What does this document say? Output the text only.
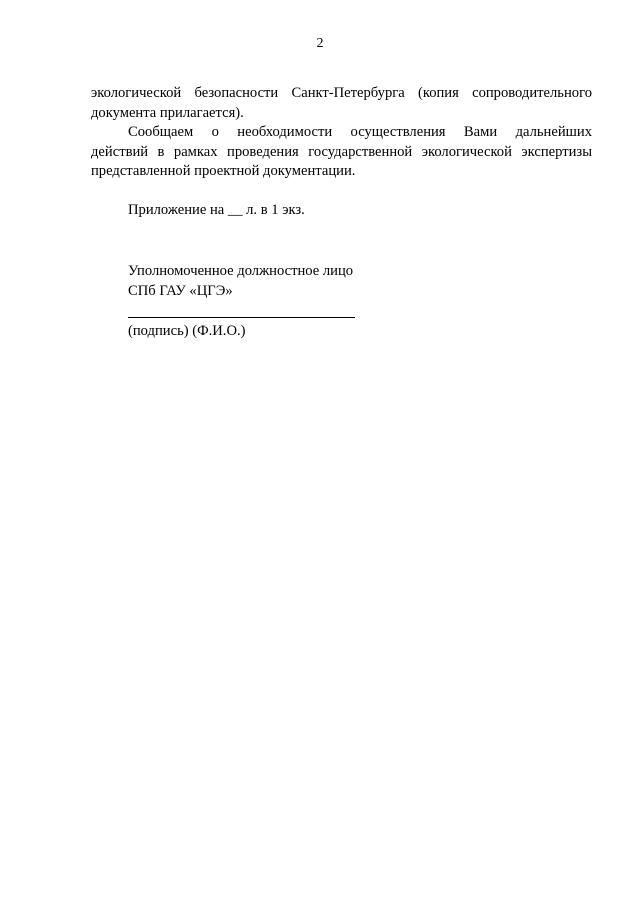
2
экологической безопасности Санкт-Петербурга (копия сопроводительного
документа прилагается).
Сообщаем о необходимости осуществления Вами дальнейших
действий в рамках проведения государственной экологической экспертизы
представленной проектной документации.
Приложение на __ л. в 1 экз.
Уполномоченное должностное лицо
СПб ГАУ «ЦГЭ»
(подпись) (Ф.И.О.)
